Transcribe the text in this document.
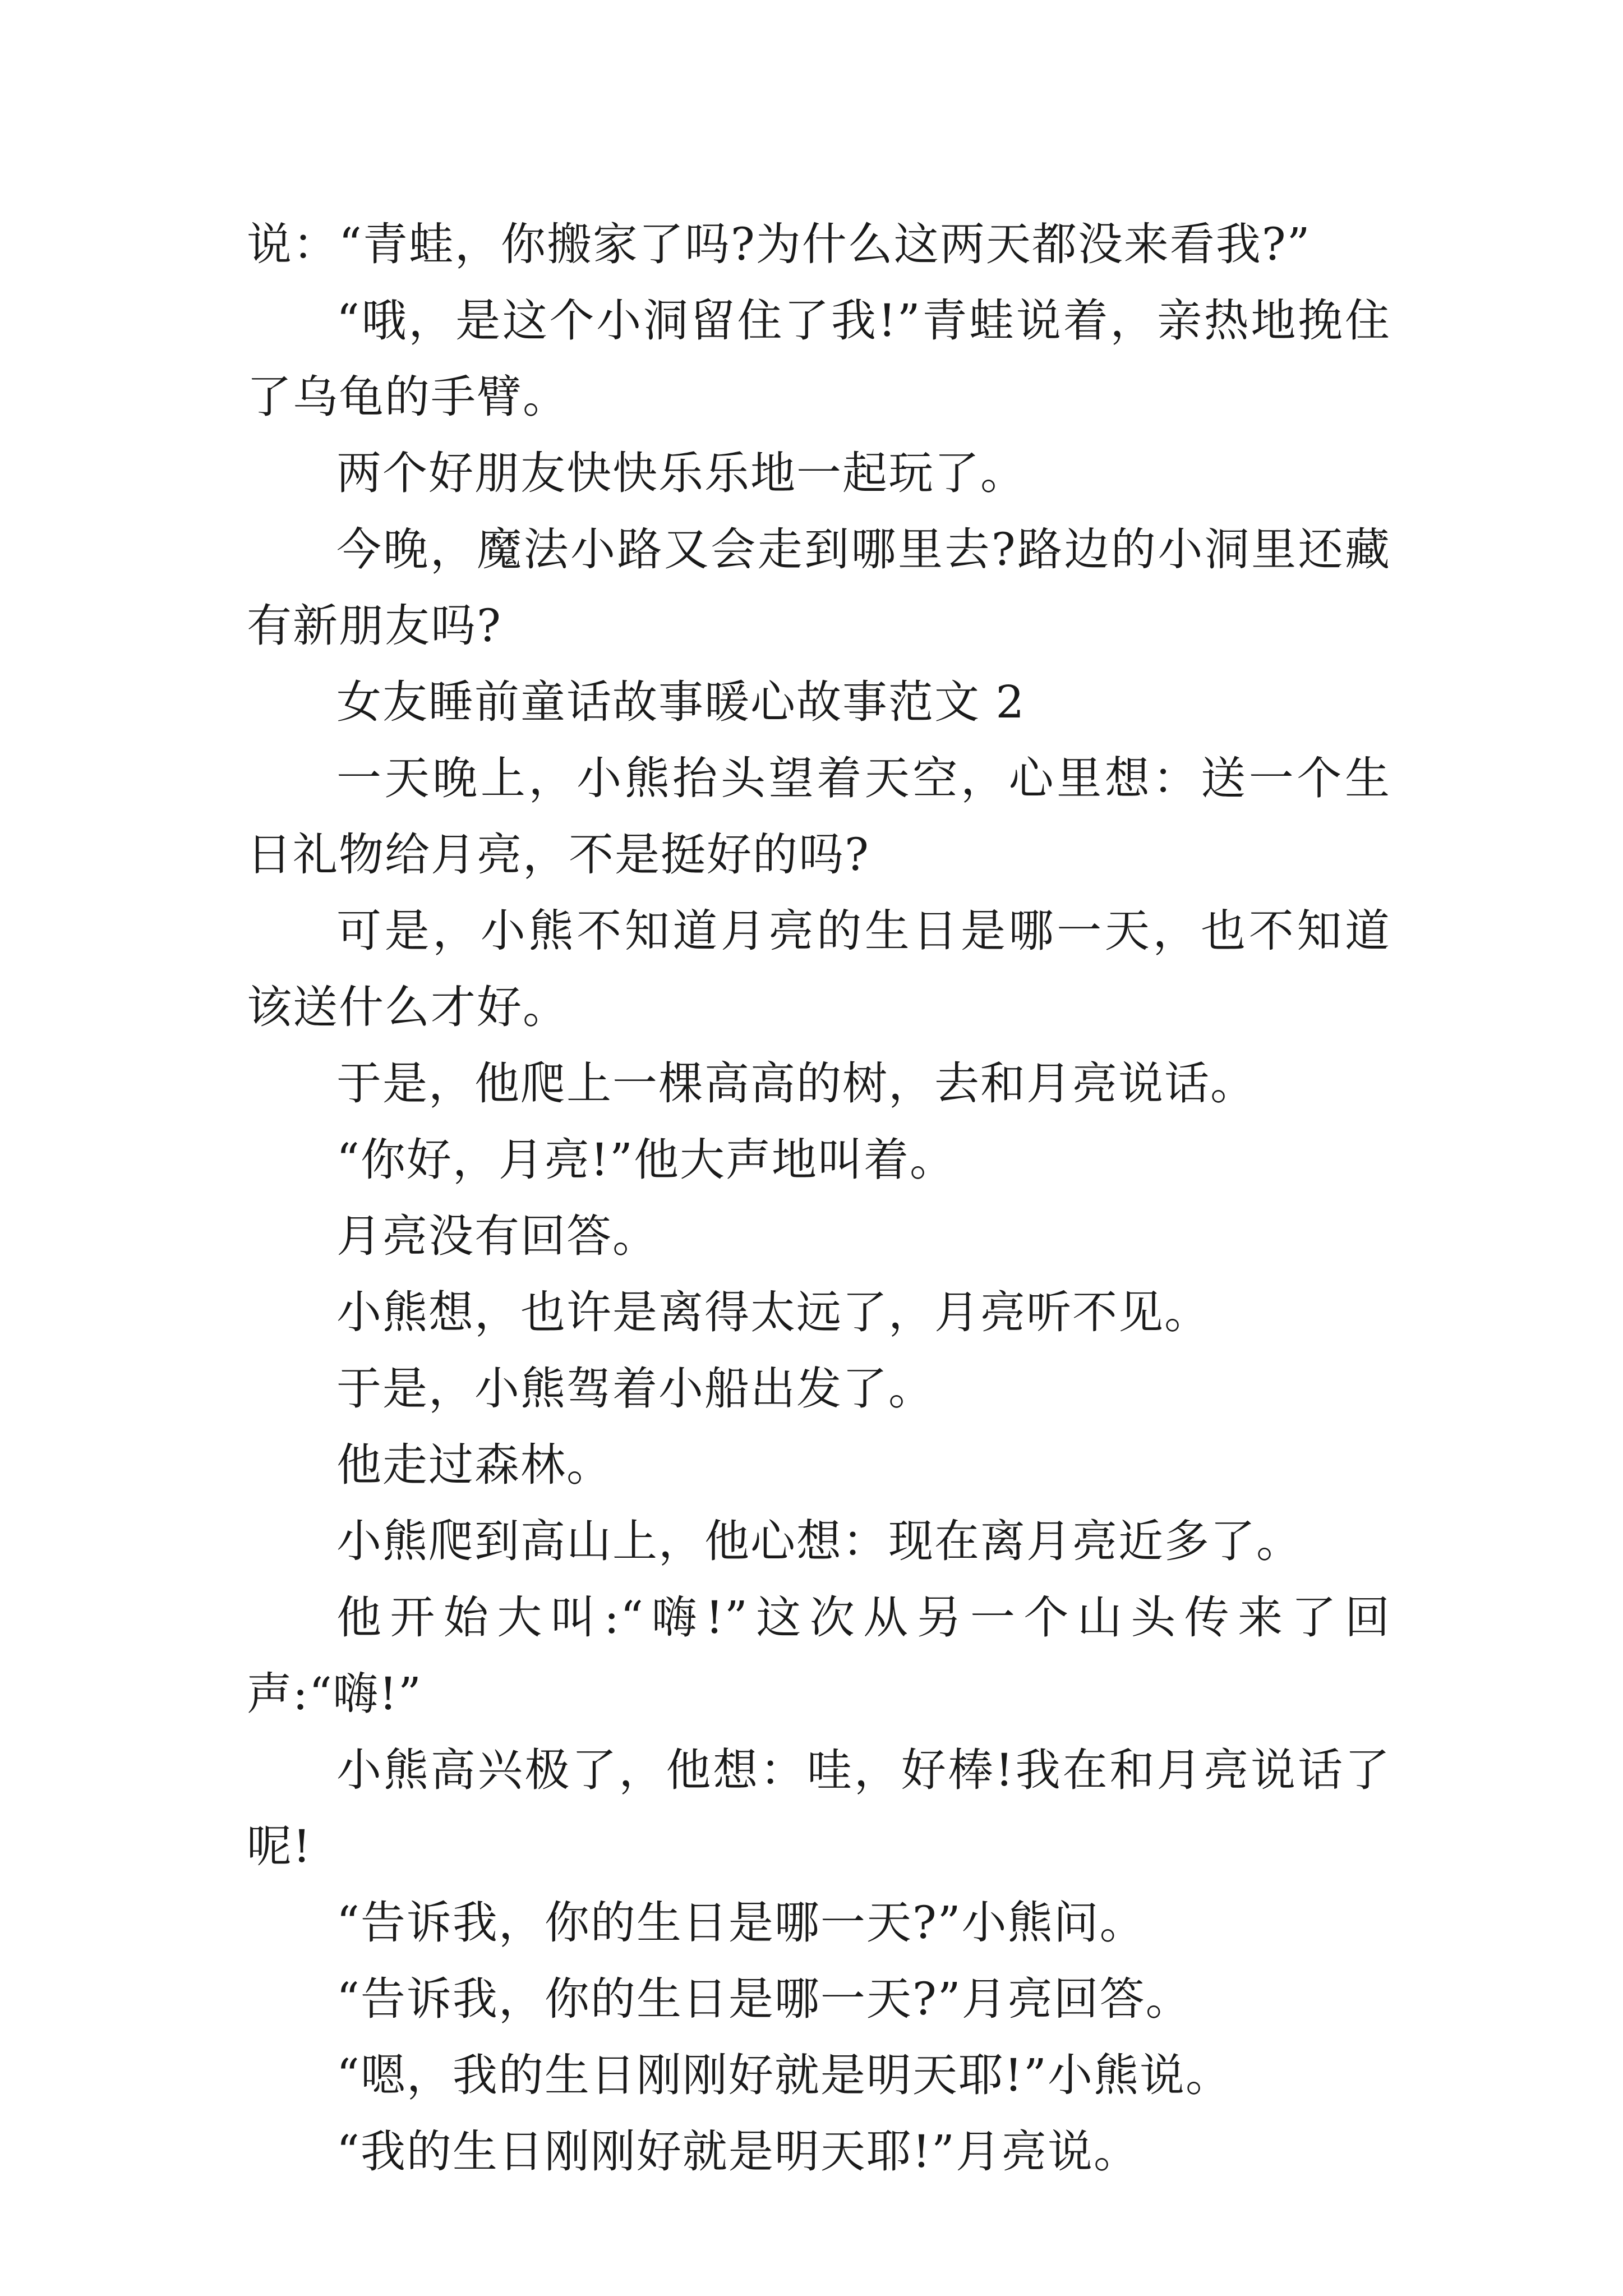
说：“青蛙，你搬家了吗?为什么这两天都没来看我?”

“哦，是这个小洞留住了我!”青蛙说着，亲热地挽住了乌龟的手臂。

两个好朋友快快乐乐地一起玩了。

今晚，魔法小路又会走到哪里去?路边的小洞里还藏有新朋友吗?

女友睡前童话故事暖心故事范文 2

一天晚上，小熊抬头望着天空，心里想：送一个生日礼物给月亮，不是挺好的吗?

可是，小熊不知道月亮的生日是哪一天，也不知道该送什么才好。

于是，他爬上一棵高高的树，去和月亮说话。

“你好，月亮!”他大声地叫着。

月亮没有回答。

小熊想，也许是离得太远了，月亮听不见。

于是，小熊驾着小船出发了。

他走过森林。

小熊爬到高山上，他心想：现在离月亮近多了。

他开始大叫:“嗨!”这次从另一个山头传来了回声:“嗨!”

小熊高兴极了，他想：哇，好棒!我在和月亮说话了呢!

“告诉我，你的生日是哪一天?”小熊问。

“告诉我，你的生日是哪一天?”月亮回答。

“嗯，我的生日刚刚好就是明天耶!”小熊说。

“我的生日刚刚好就是明天耶!”月亮说。
